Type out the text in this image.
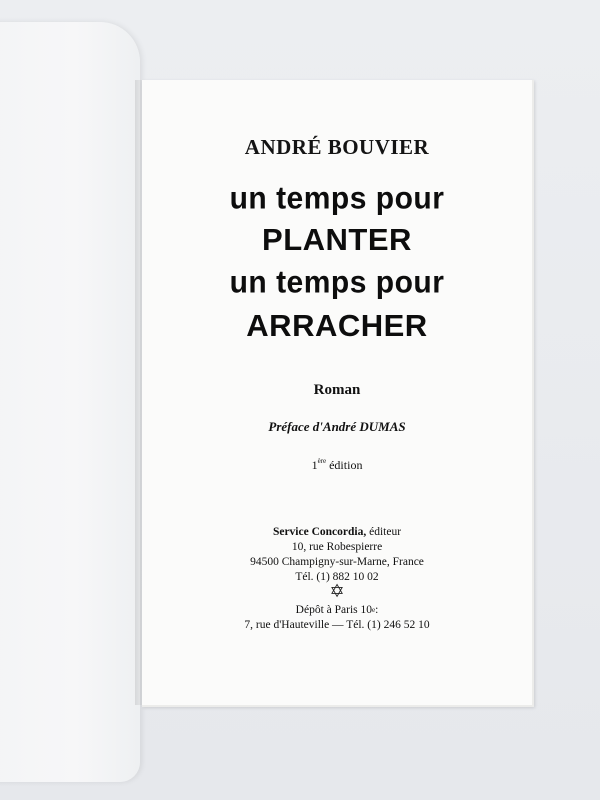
ANDRÉ BOUVIER

un temps pour

PLANTER

un temps pour

ARRACHER

Roman

Préface d'André DUMAS

1ère édition

Service Concordia, éditeur
10, rue Robespierre
94500 Champigny-sur-Marne, France
Tél. (1) 882 10 02
✡
Dépôt à Paris 10e:
7, rue d'Hauteville — Tél. (1) 246 52 10
